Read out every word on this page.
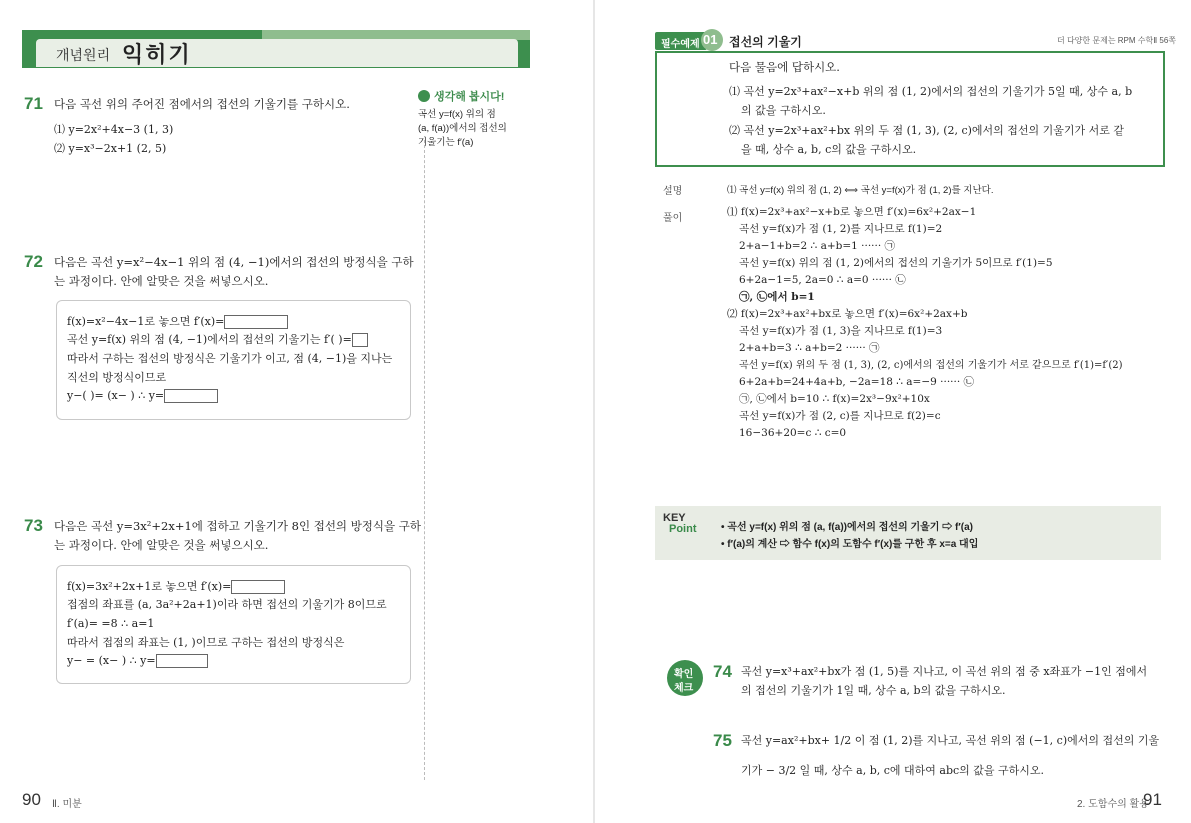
개념원리 익히기
생각해 봅시다!
곡선 y=f(x) 위의 점
(a, f(a))에서의 접선의
기울기는 f′(a)
71 다음 곡선 위의 주어진 점에서의 접선의 기울기를 구하시오.
⑴ y=2x²+4x−3 (1, 3)
⑵ y=x³−2x+1 (2, 5)
72 다음은 곡선 y=x²−4x−1 위의 점 (4, −1)에서의 접선의 방정식을 구하
는 과정이다. 안에 알맞은 것을 써넣으시오.
f(x)=x²−4x−1로 놓으면 f′(x)=
곡선 y=f(x) 위의 점 (4, −1)에서의 접선의 기울기는 f′( )=
따라서 구하는 접선의 방정식은 기울기가 이고, 점 (4, −1)을 지나는
직선의 방정식이므로
y−( )= (x− ) ∴ y=
73 다음은 곡선 y=3x²+2x+1에 접하고 기울기가 8인 접선의 방정식을 구하
는 과정이다. 안에 알맞은 것을 써넣으시오.
f(x)=3x²+2x+1로 놓으면 f′(x)=
접점의 좌표를 (a, 3a²+2a+1)이라 하면 접선의 기울기가 8이므로
f′(a)= =8 ∴ a=1
따라서 접점의 좌표는 (1, )이므로 구하는 접선의 방정식은
y− = (x− ) ∴ y=
90 Ⅱ. 미분
필수예제 01 접선의 기울기	더 다양한 문제는 RPM 수학Ⅱ 56쪽
다음 물음에 답하시오.
⑴ 곡선 y=2x³+ax²−x+b 위의 점 (1, 2)에서의 접선의 기울기가 5일 때, 상수 a, b
의 값을 구하시오.
⑵ 곡선 y=2x³+ax²+bx 위의 두 점 (1, 3), (2, c)에서의 접선의 기울기가 서로 같
을 때, 상수 a, b, c의 값을 구하시오.
설명	⑴ 곡선 y=f(x) 위의 점 (1, 2) ⟺ 곡선 y=f(x)가 점 (1, 2)를 지난다.
풀이
⑴ f(x)=2x³+ax²−x+b로 놓으면 f′(x)=6x²+2ax−1
곡선 y=f(x)가 점 (1, 2)를 지나므로 f(1)=2
2+a−1+b=2 ∴ a+b=1 ······ ㉠
곡선 y=f(x) 위의 점 (1, 2)에서의 접선의 기울기가 5이므로 f′(1)=5
6+2a−1=5, 2a=0 ∴ a=0 ······ ㉡
㉠, ㉡에서 b=1
⑵ f(x)=2x³+ax²+bx로 놓으면 f′(x)=6x²+2ax+b
곡선 y=f(x)가 점 (1, 3)을 지나므로 f(1)=3
2+a+b=3 ∴ a+b=2 ······ ㉠
곡선 y=f(x) 위의 두 점 (1, 3), (2, c)에서의 접선의 기울기가 서로 같으므로 f′(1)=f′(2)
6+2a+b=24+4a+b, −2a=18 ∴ a=−9 ······ ㉡
㉠, ㉡에서 b=10 ∴ f(x)=2x³−9x²+10x
곡선 y=f(x)가 점 (2, c)를 지나므로 f(2)=c
16−36+20=c ∴ c=0
KEY
Point • 곡선 y=f(x) 위의 점 (a, f(a))에서의 접선의 기울기 ⇨ f′(a)
• f′(a)의 계산 ⇨ 함수 f(x)의 도함수 f′(x)를 구한 후 x=a 대입
확인
체크
74 곡선 y=x³+ax²+bx가 점 (1, 5)를 지나고, 이 곡선 위의 점 중 x좌표가 −1인 점에서
의 접선의 기울기가 1일 때, 상수 a, b의 값을 구하시오.
75 곡선 y=ax²+bx+ 1/2 이 점 (1, 2)를 지나고, 곡선 위의 점 (−1, c)에서의 접선의 기울
기가 − 3/2 일 때, 상수 a, b, c에 대하여 abc의 값을 구하시오.
2. 도함수의 활용
91
